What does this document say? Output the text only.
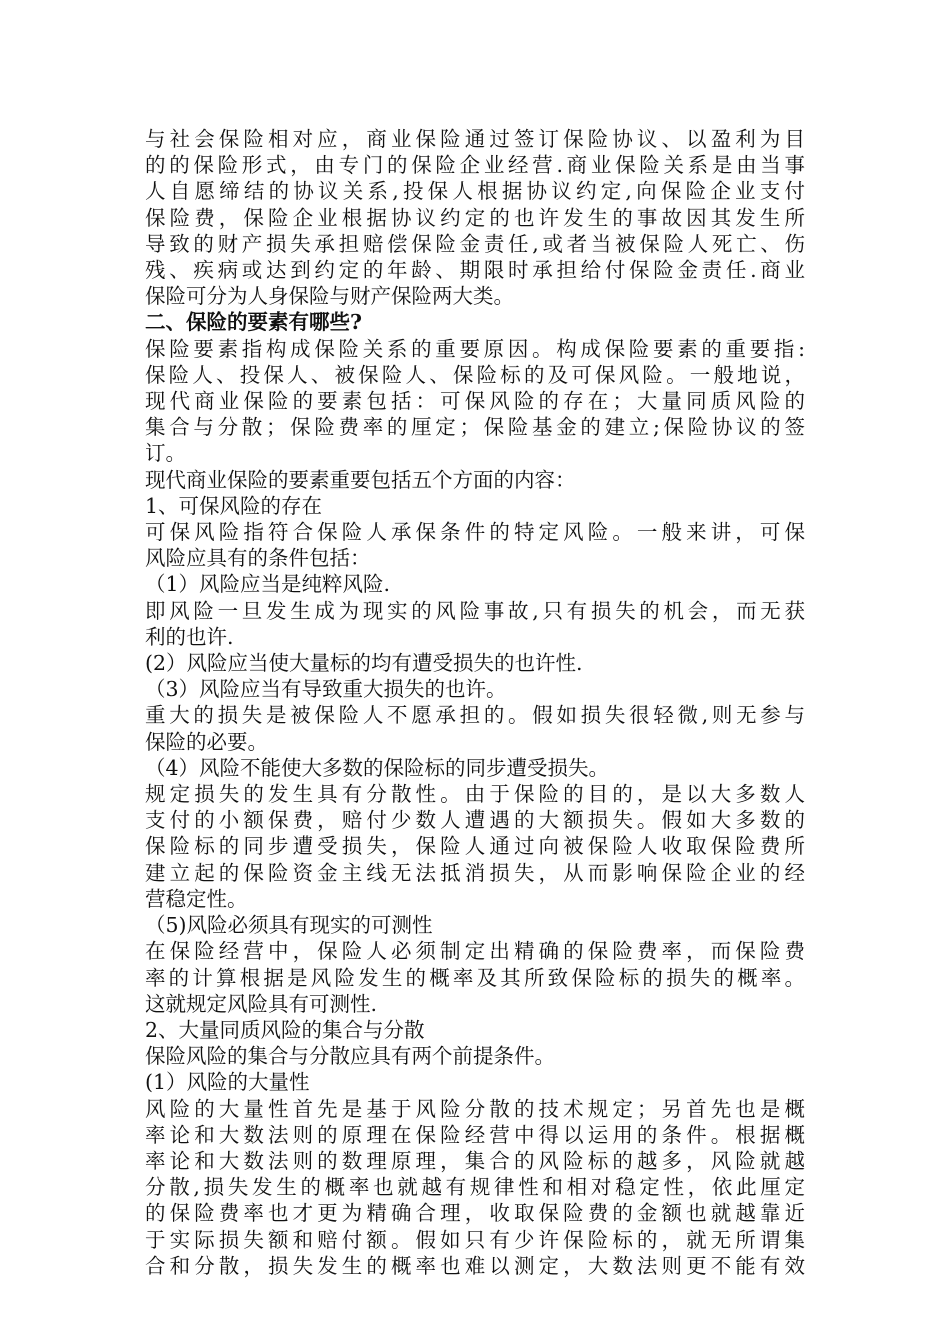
与社会保险相对应，商业保险通过签订保险协议、以盈利为目
的的保险形式，由专门的保险企业经营.商业保险关系是由当事
人自愿缔结的协议关系,投保人根据协议约定,向保险企业支付
保险费，保险企业根据协议约定的也许发生的事故因其发生所
导致的财产损失承担赔偿保险金责任,或者当被保险人死亡、伤
残、疾病或达到约定的年龄、期限时承担给付保险金责任.商业
保险可分为人身保险与财产保险两大类。
二、保险的要素有哪些?
保险要素指构成保险关系的重要原因。构成保险要素的重要指:
保险人、投保人、被保险人、保险标的及可保风险。一般地说，
现代商业保险的要素包括：可保风险的存在；大量同质风险的
集合与分散；保险费率的厘定；保险基金的建立;保险协议的签
订。
现代商业保险的要素重要包括五个方面的内容：
1、可保风险的存在
可保风险指符合保险人承保条件的特定风险。一般来讲，可保
风险应具有的条件包括：
（1）风险应当是纯粹风险.
即风险一旦发生成为现实的风险事故,只有损失的机会，而无获
利的也许.
(2）风险应当使大量标的均有遭受损失的也许性.
（3）风险应当有导致重大损失的也许。
重大的损失是被保险人不愿承担的。假如损失很轻微,则无参与
保险的必要。
（4）风险不能使大多数的保险标的同步遭受损失。
规定损失的发生具有分散性。由于保险的目的，是以大多数人
支付的小额保费，赔付少数人遭遇的大额损失。假如大多数的
保险标的同步遭受损失，保险人通过向被保险人收取保险费所
建立起的保险资金主线无法抵消损失，从而影响保险企业的经
营稳定性。
（5)风险必须具有现实的可测性
在保险经营中，保险人必须制定出精确的保险费率，而保险费
率的计算根据是风险发生的概率及其所致保险标的损失的概率。
这就规定风险具有可测性.
2、大量同质风险的集合与分散
保险风险的集合与分散应具有两个前提条件。
(1）风险的大量性
风险的大量性首先是基于风险分散的技术规定；另首先也是概
率论和大数法则的原理在保险经营中得以运用的条件。根据概
率论和大数法则的数理原理，集合的风险标的越多，风险就越
分散,损失发生的概率也就越有规律性和相对稳定性，依此厘定
的保险费率也才更为精确合理，收取保险费的金额也就越靠近
于实际损失额和赔付额。假如只有少许保险标的，就无所谓集
合和分散，损失发生的概率也难以测定，大数法则更不能有效
